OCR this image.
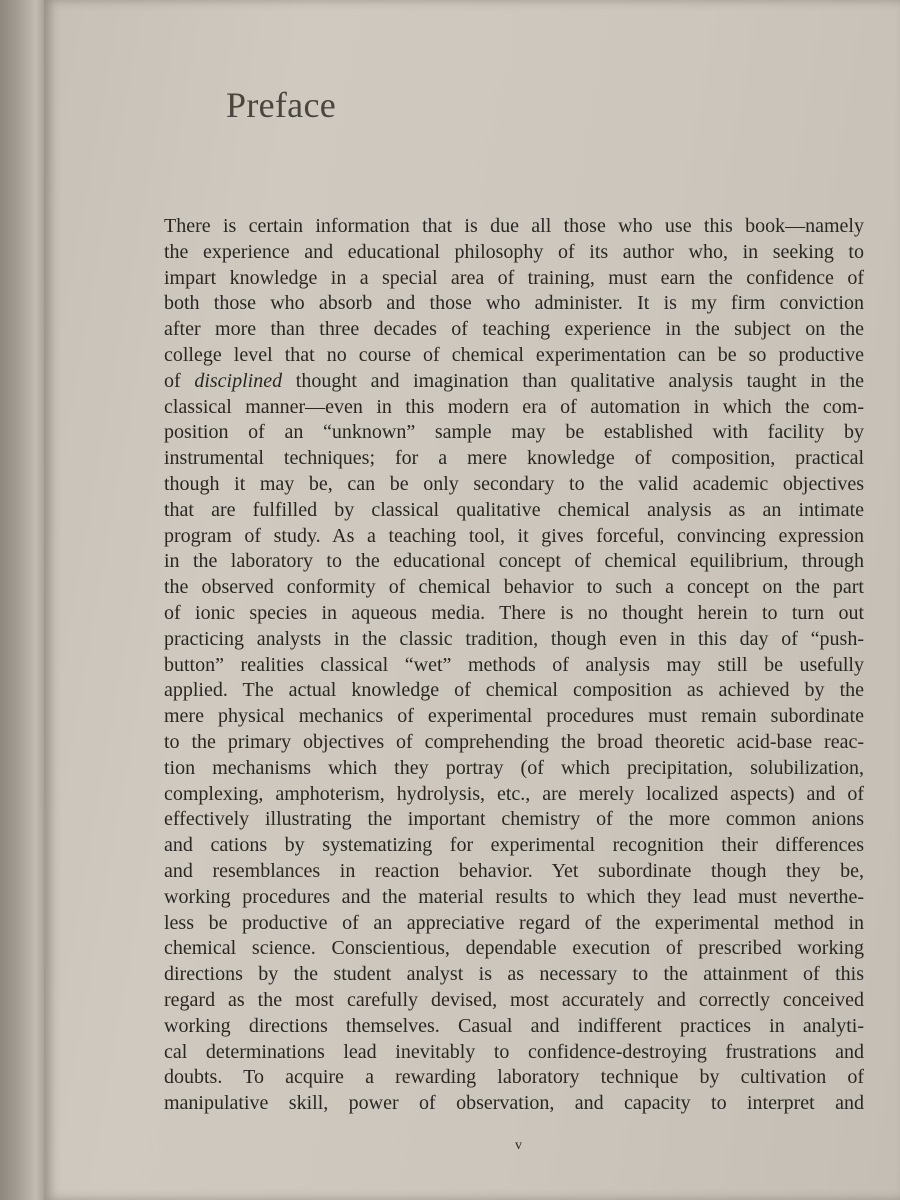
Preface
There is certain information that is due all those who use this book—namely
the experience and educational philosophy of its author who, in seeking to
impart knowledge in a special area of training, must earn the confidence of
both those who absorb and those who administer. It is my firm conviction
after more than three decades of teaching experience in the subject on the
college level that no course of chemical experimentation can be so productive
of disciplined thought and imagination than qualitative analysis taught in the
classical manner—even in this modern era of automation in which the com-
position of an “unknown” sample may be established with facility by
instrumental techniques; for a mere knowledge of composition, practical
though it may be, can be only secondary to the valid academic objectives
that are fulfilled by classical qualitative chemical analysis as an intimate
program of study. As a teaching tool, it gives forceful, convincing expression
in the laboratory to the educational concept of chemical equilibrium, through
the observed conformity of chemical behavior to such a concept on the part
of ionic species in aqueous media. There is no thought herein to turn out
practicing analysts in the classic tradition, though even in this day of “push-
button” realities classical “wet” methods of analysis may still be usefully
applied. The actual knowledge of chemical composition as achieved by the
mere physical mechanics of experimental procedures must remain subordinate
to the primary objectives of comprehending the broad theoretic acid-base reac-
tion mechanisms which they portray (of which precipitation, solubilization,
complexing, amphoterism, hydrolysis, etc., are merely localized aspects) and of
effectively illustrating the important chemistry of the more common anions
and cations by systematizing for experimental recognition their differences
and resemblances in reaction behavior. Yet subordinate though they be,
working procedures and the material results to which they lead must neverthe-
less be productive of an appreciative regard of the experimental method in
chemical science. Conscientious, dependable execution of prescribed working
directions by the student analyst is as necessary to the attainment of this
regard as the most carefully devised, most accurately and correctly conceived
working directions themselves. Casual and indifferent practices in analyti-
cal determinations lead inevitably to confidence-destroying frustrations and
doubts. To acquire a rewarding laboratory technique by cultivation of
manipulative skill, power of observation, and capacity to interpret and
v
